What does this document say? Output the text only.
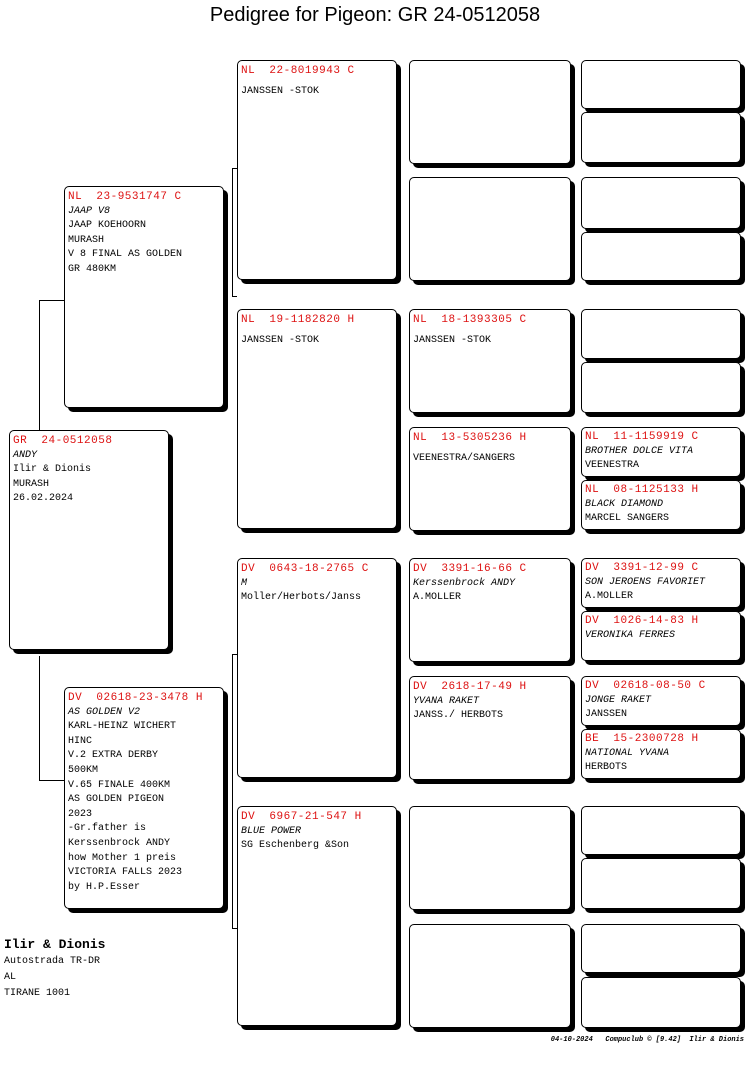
Pedigree for Pigeon: GR 24-0512058
GR  24-0512058
ANDY
Ilir & Dionis
MURASH
26.02.2024
NL  23-9531747 C
JAAP V8
JAAP KOEHOORN
MURASH
V 8 FINAL AS GOLDEN
GR 480KM
DV  02618-23-3478 H
AS GOLDEN V2
KARL-HEINZ WICHERT
HINC
V.2 EXTRA DERBY
500KM
V.65 FINALE 400KM
AS GOLDEN PIGEON
2023
-Gr.father is
Kerssenbrock ANDY
how Mother 1 preis
VICTORIA FALLS 2023
by H.P.Esser
NL  22-8019943 C
JANSSEN -STOK
NL  19-1182820 H
JANSSEN -STOK
DV  0643-18-2765 C
M
Moller/Herbots/Janss
DV  6967-21-547 H
BLUE POWER
SG Eschenberg &Son
NL  18-1393305 C
JANSSEN -STOK
NL  13-5305236 H
VEENESTRA/SANGERS
DV  3391-16-66 C
Kerssenbrock ANDY
A.MOLLER
DV  2618-17-49 H
YVANA RAKET
JANSS./ HERBOTS
NL  11-1159919 C
BROTHER DOLCE VITA
VEENESTRA
NL  08-1125133 H
BLACK DIAMOND
MARCEL SANGERS
DV  3391-12-99 C
SON JEROENS FAVORIET
A.MOLLER
DV  1026-14-83 H
VERONIKA FERRES
DV  02618-08-50 C
JONGE RAKET
JANSSEN
BE  15-2300728 H
NATIONAL YVANA
HERBOTS
Ilir & Dionis
Autostrada TR-DR
AL
TIRANE 1001
04-10-2024   Compuclub © [9.42]  Ilir & Dionis
